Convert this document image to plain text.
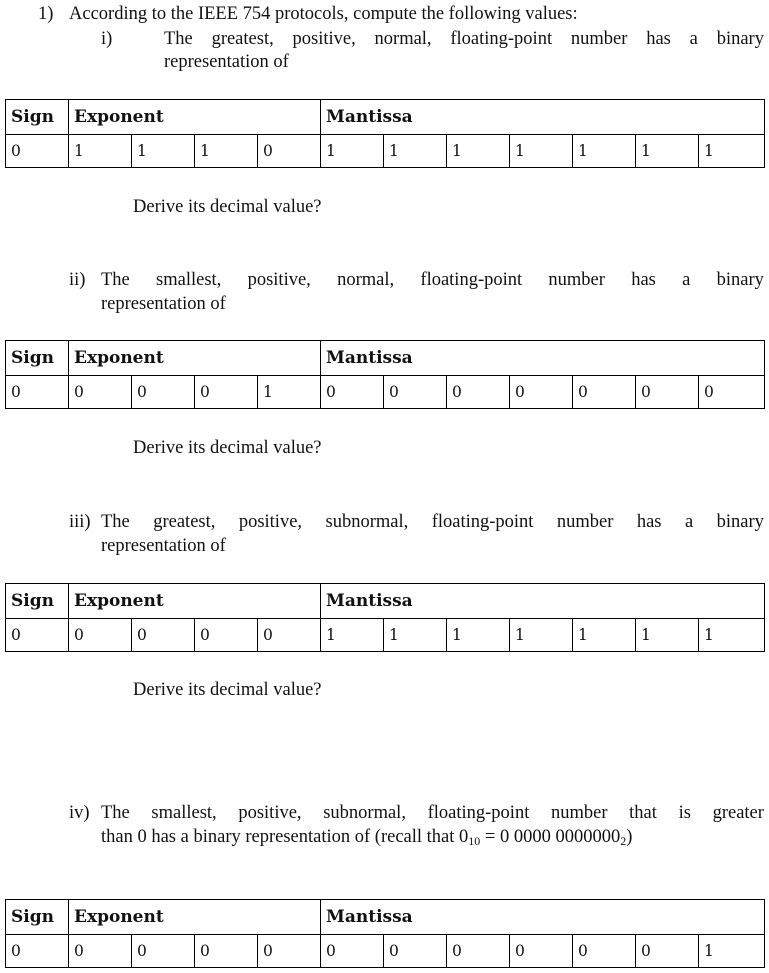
1) According to the IEEE 754 protocols, compute the following values:
i)	The greatest, positive, normal, floating-point number has a binary
representation of
Sign	Exponent				Mantissa						
0	1	1	1	0	1	1	1	1	1	1	1
Derive its decimal value?
ii) The smallest, positive, normal, floating-point number has a binary
representation of
Sign	Exponent				Mantissa						
0	0	0	0	1	0	0	0	0	0	0	0
Derive its decimal value?
iii) The greatest, positive, subnormal, floating-point number has a binary
representation of
Sign	Exponent				Mantissa						
0	0	0	0	0	1	1	1	1	1	1	1
Derive its decimal value?
iv) The smallest, positive, subnormal, floating-point number that is greater
than 0 has a binary representation of (recall that $0_{10} = 0$ 0000 $0000000_2$)
Sign	Exponent				Mantissa						
0	0	0	0	0	0	0	0	0	0	0	1
